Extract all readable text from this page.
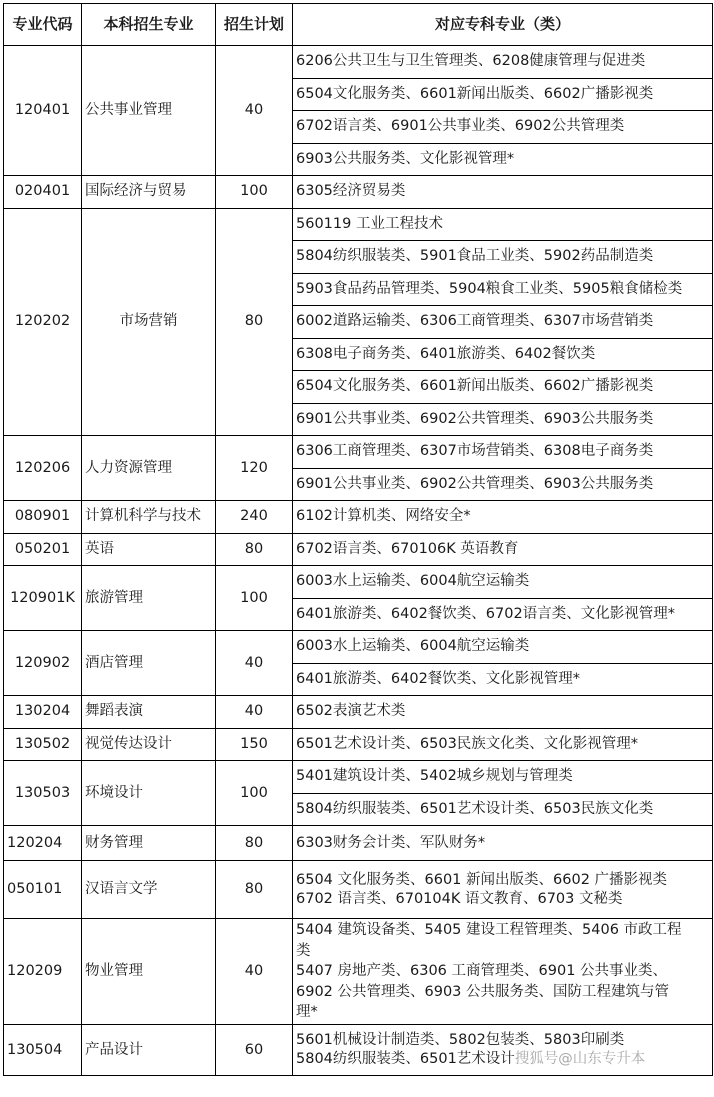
专业代码	本科招生专业	招生计划	对应专科专业（类）
120401	公共事业管理	40	6206公共卫生与卫生管理类、6208健康管理与促进类
			6504文化服务类、6601新闻出版类、6602广播影视类
			6702语言类、6901公共事业类、6902公共管理类
			6903公共服务类、文化影视管理*
020401	国际经济与贸易	100	6305经济贸易类
120202	市场营销	80	560119 工业工程技术
			5804纺织服装类、5901食品工业类、5902药品制造类
			5903食品药品管理类、5904粮食工业类、5905粮食储检类
			6002道路运输类、6306工商管理类、6307市场营销类
			6308电子商务类、6401旅游类、6402餐饮类
			6504文化服务类、6601新闻出版类、6602广播影视类
			6901公共事业类、6902公共管理类、6903公共服务类
120206	人力资源管理	120	6306工商管理类、6307市场营销类、6308电子商务类
			6901公共事业类、6902公共管理类、6903公共服务类
080901	计算机科学与技术	240	6102计算机类、网络安全*
050201	英语	80	6702语言类、670106K 英语教育
120901K	旅游管理	100	6003水上运输类、6004航空运输类
			6401旅游类、6402餐饮类、6702语言类、文化影视管理*
120902	酒店管理	40	6003水上运输类、6004航空运输类
			6401旅游类、6402餐饮类、文化影视管理*
130204	舞蹈表演	40	6502表演艺术类
130502	视觉传达设计	150	6501艺术设计类、6503民族文化类、文化影视管理*
130503	环境设计	100	5401建筑设计类、5402城乡规划与管理类
			5804纺织服装类、6501艺术设计类、6503民族文化类
120204	财务管理	80	6303财务会计类、军队财务*
050101	汉语言文学	80	6504 文化服务类、6601 新闻出版类、6602 广播影视类
6702 语言类、670104K 语文教育、6703 文秘类

120209	物业管理	40	5404 建筑设备类、5405 建设工程管理类、5406 市政工程
类
5407 房地产类、6306 工商管理类、6901 公共事业类、
6902 公共管理类、6903 公共服务类、国防工程建筑与管
理*

130504	产品设计	60	5601机械设计制造类、5802包装类、5803印刷类
5804纺织服装类、6501艺术设计搜狐号@山东专升本
